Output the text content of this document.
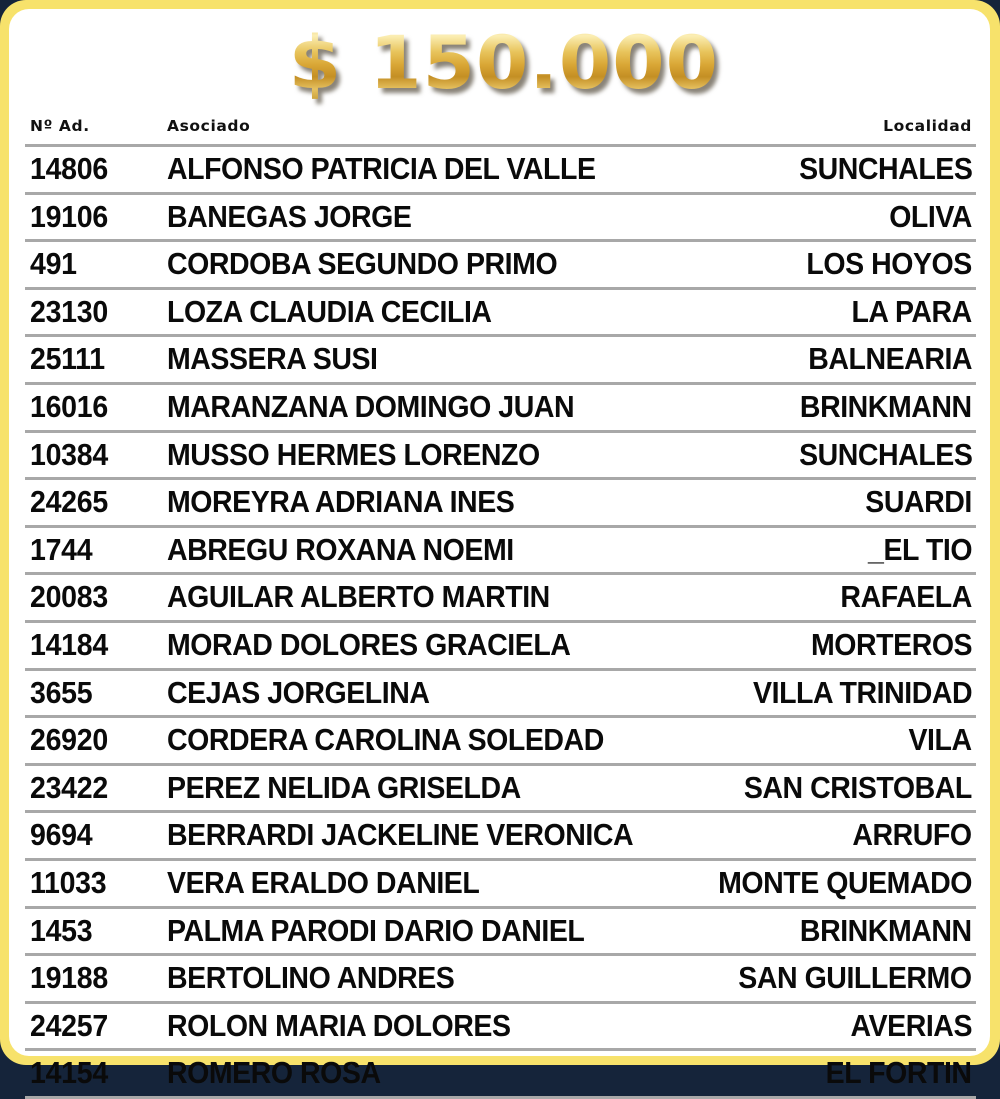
$ 150.000
Nº Ad.	Asociado	Localidad
14806	ALFONSO PATRICIA DEL VALLE	SUNCHALES
19106	BANEGAS JORGE	OLIVA
491	CORDOBA SEGUNDO PRIMO	LOS HOYOS
23130	LOZA CLAUDIA CECILIA	LA PARA
25111	MASSERA SUSI	BALNEARIA
16016	MARANZANA DOMINGO JUAN	BRINKMANN
10384	MUSSO HERMES LORENZO	SUNCHALES
24265	MOREYRA ADRIANA INES	SUARDI
1744	ABREGU ROXANA NOEMI	_EL TIO
20083	AGUILAR ALBERTO MARTIN	RAFAELA
14184	MORAD DOLORES GRACIELA	MORTEROS
3655	CEJAS JORGELINA	VILLA TRINIDAD
26920	CORDERA CAROLINA SOLEDAD	VILA
23422	PEREZ NELIDA GRISELDA	SAN CRISTOBAL
9694	BERRARDI JACKELINE VERONICA	ARRUFO
11033	VERA ERALDO DANIEL	MONTE QUEMADO
1453	PALMA PARODI DARIO DANIEL	BRINKMANN
19188	BERTOLINO ANDRES	SAN GUILLERMO
24257	ROLON MARIA DOLORES	AVERIAS
14154	ROMERO ROSA	EL FORTIN
